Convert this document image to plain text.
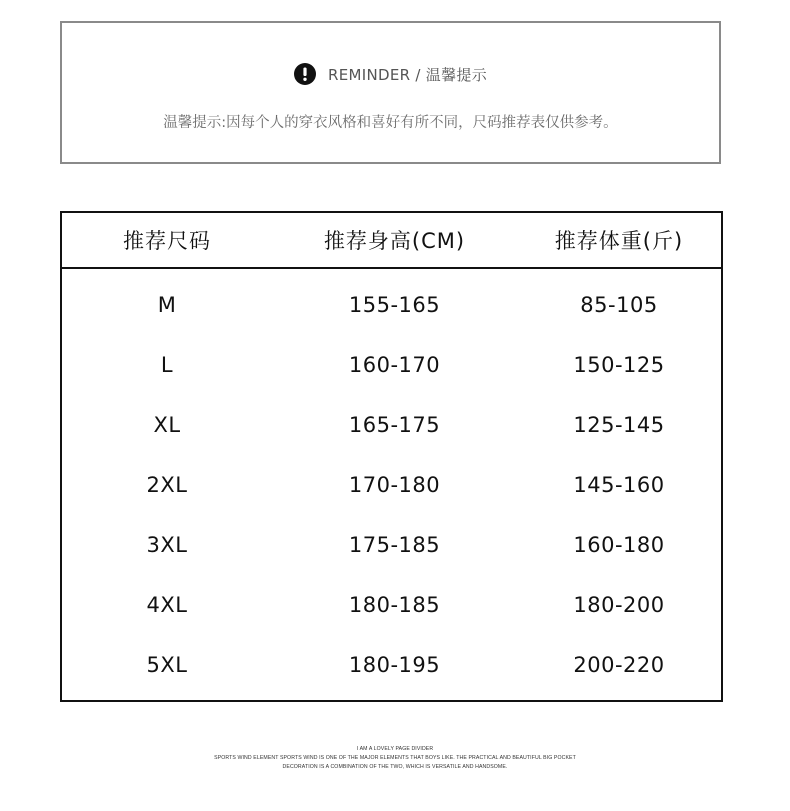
REMINDER / 温馨提示
温馨提示:因每个人的穿衣风格和喜好有所不同，尺码推荐表仅供参考。
推荐尺码	推荐身高(CM)	推荐体重(斤)
M	155-165	85-105
L	160-170	150-125
XL	165-175	125-145
2XL	170-180	145-160
3XL	175-185	160-180
4XL	180-185	180-200
5XL	180-195	200-220
I AM A LOVELY PAGE DIVIDER
SPORTS WIND ELEMENT SPORTS WIND IS ONE OF THE MAJOR ELEMENTS THAT BOYS LIKE. THE PRACTICAL AND BEAUTIFUL BIG POCKET
DECORATION IS A COMBINATION OF THE TWO, WHICH IS VERSATILE AND HANDSOME.
